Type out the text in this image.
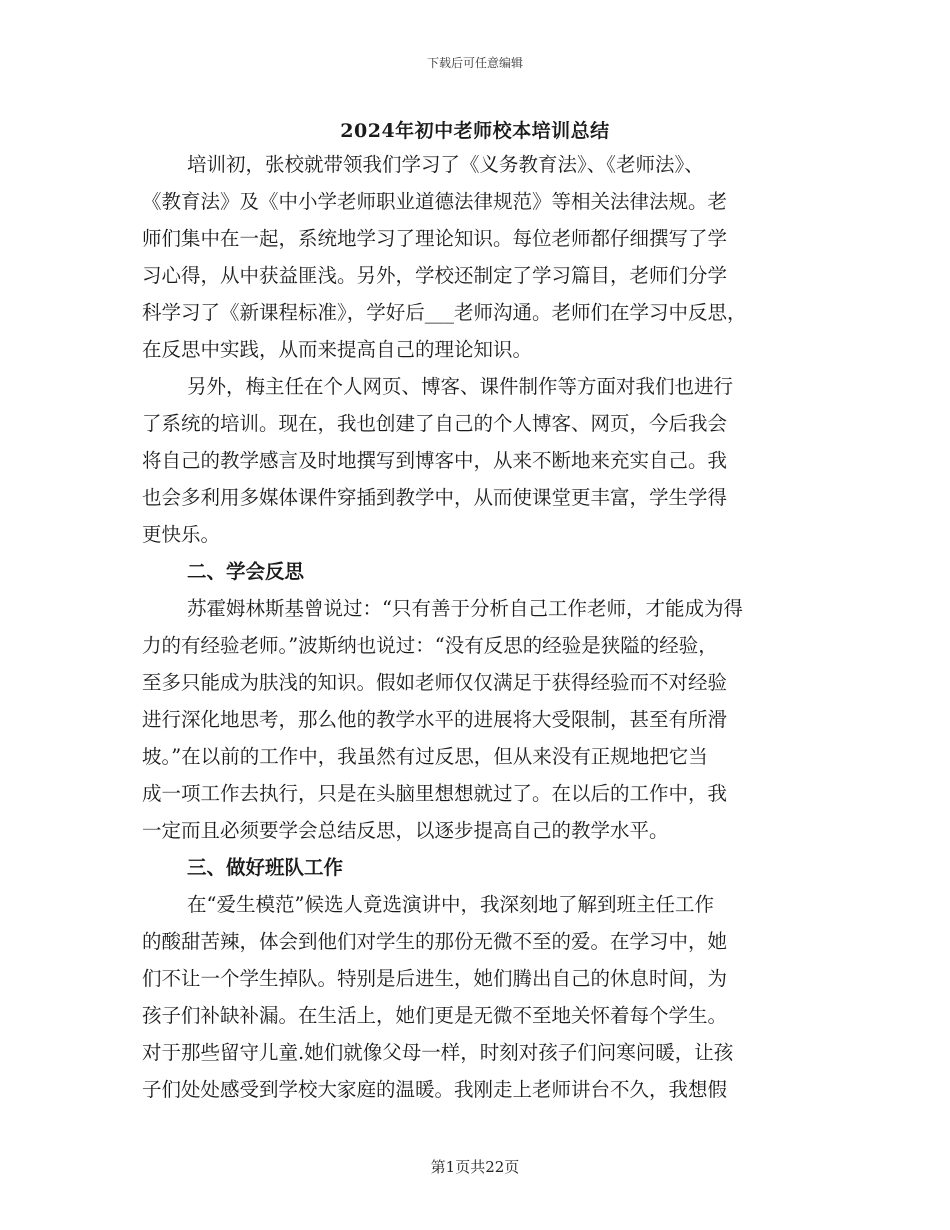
下载后可任意编辑
2024年初中老师校本培训总结
培训初，张校就带领我们学习了《义务教育法》、《老师法》、
《教育法》及《中小学老师职业道德法律规范》等相关法律法规。老
师们集中在一起，系统地学习了理论知识。每位老师都仔细撰写了学
习心得，从中获益匪浅。另外，学校还制定了学习篇目，老师们分学
科学习了《新课程标准》，学好后___老师沟通。老师们在学习中反思，
在反思中实践，从而来提高自己的理论知识。
另外，梅主任在个人网页、博客、课件制作等方面对我们也进行
了系统的培训。现在，我也创建了自己的个人博客、网页，今后我会
将自己的教学感言及时地撰写到博客中，从来不断地来充实自己。我
也会多利用多媒体课件穿插到教学中，从而使课堂更丰富，学生学得
更快乐。
二、学会反思
苏霍姆林斯基曾说过：“只有善于分析自己工作老师，才能成为得
力的有经验老师。”波斯纳也说过：“没有反思的经验是狭隘的经验，
至多只能成为肤浅的知识。假如老师仅仅满足于获得经验而不对经验
进行深化地思考，那么他的教学水平的进展将大受限制，甚至有所滑
坡。”在以前的工作中，我虽然有过反思，但从来没有正规地把它当
成一项工作去执行，只是在头脑里想想就过了。在以后的工作中，我
一定而且必须要学会总结反思，以逐步提高自己的教学水平。
三、做好班队工作
在“爱生模范”候选人竟选演讲中，我深刻地了解到班主任工作
的酸甜苦辣，体会到他们对学生的那份无微不至的爱。在学习中，她
们不让一个学生掉队。特别是后进生，她们腾出自己的休息时间，为
孩子们补缺补漏。在生活上，她们更是无微不至地关怀着每个学生。
对于那些留守儿童.她们就像父母一样，时刻对孩子们问寒问暖，让孩
子们处处感受到学校大家庭的温暖。我刚走上老师讲台不久，我想假
第1页共22页
